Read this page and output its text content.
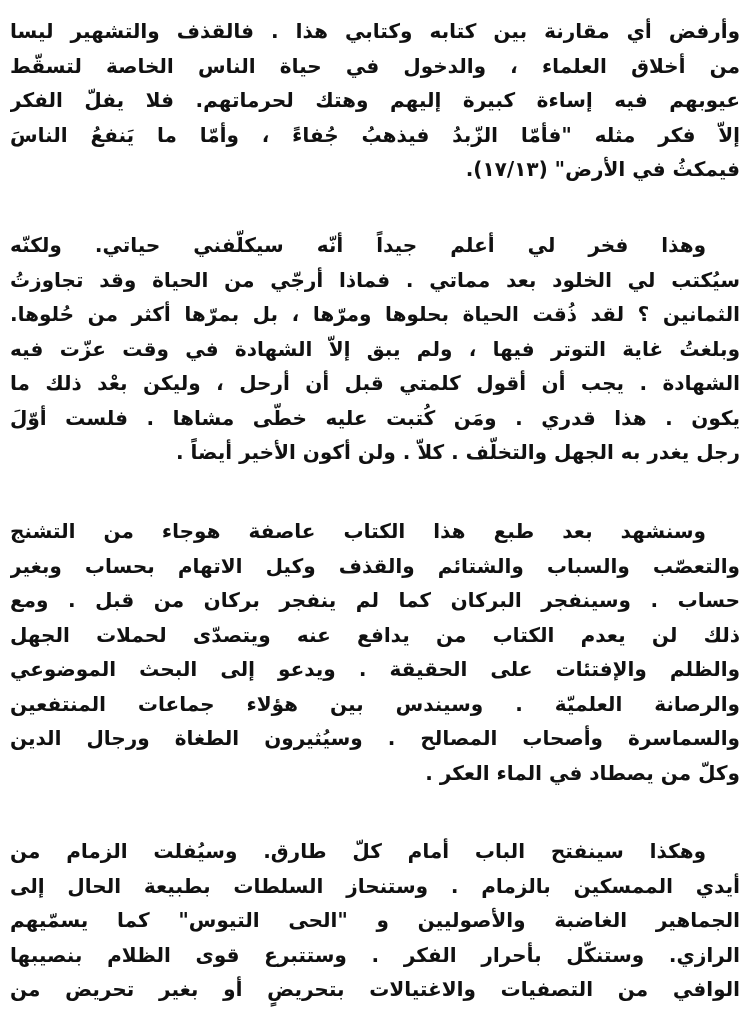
وأرفض أي مقارنة بين كتابه وكتابي هذا . فالقذف والتشهير ليسا
من أخلاق العلماء ، والدخول في حياة الناس الخاصة لتسقّط
عيوبهم فيه إساءة كبيرة إليهم وهتك لحرماتهم. فلا يفلّ الفكر
إلاّ فكر مثله "فأمّا الزّبدُ فيذهبُ جُفاءً ، وأمّا ما يَنفعُ الناسَ
فيمكثُ في الأرض" (١٧/١٣).

وهذا فخر لي أعلم جيداً أنّه سيكلّفني حياتي. ولكنّه
سيُكتب لي الخلود بعد مماتي . فماذا أرجّي من الحياة وقد تجاوزتُ
الثمانين ؟ لقد ذُقت الحياة بحلوها ومرّها ، بل بمرّها أكثر من حُلوها.
وبلغتُ غاية التوتر فيها ، ولم يبق إلاّ الشهادة في وقت عزّت فيه
الشهادة . يجب أن أقول كلمتي قبل أن أرحل ، وليكن بعْد ذلك ما
يكون . هذا قدري . ومَن كُتبت عليه خطّى مشاها . فلست أوّلَ
رجل يغدر به الجهل والتخلّف . كلاّ . ولن أكون الأخير أيضاً .

وسنشهد بعد طبع هذا الكتاب عاصفة هوجاء من التشنج
والتعصّب والسباب والشتائم والقذف وكيل الاتهام بحساب وبغير
حساب . وسينفجر البركان كما لم ينفجر بركان من قبل . ومع
ذلك لن يعدم الكتاب من يدافع عنه ويتصدّى لحملات الجهل
والظلم والإفتئات على الحقيقة . ويدعو إلى البحث الموضوعي
والرصانة العلميّة . وسيندس بين هؤلاء جماعات المنتفعين
والسماسرة وأصحاب المصالح . وسيُثيرون الطغاة ورجال الدين
وكلّ من يصطاد في الماء العكر .

وهكذا سينفتح الباب أمام كلّ طارق. وسيُفلت الزمام من
أيدي الممسكين بالزمام . وستنحاز السلطات بطبيعة الحال إلى
الجماهير الغاضبة والأصوليين و "الحى التيوس" كما يسمّيهم
الرازي. وستنكّل بأحرار الفكر . وستتبرع قوى الظلام بنصيبها
الوافي من التصفيات والاغتيالات بتحريضٍ أو بغير تحريض من
